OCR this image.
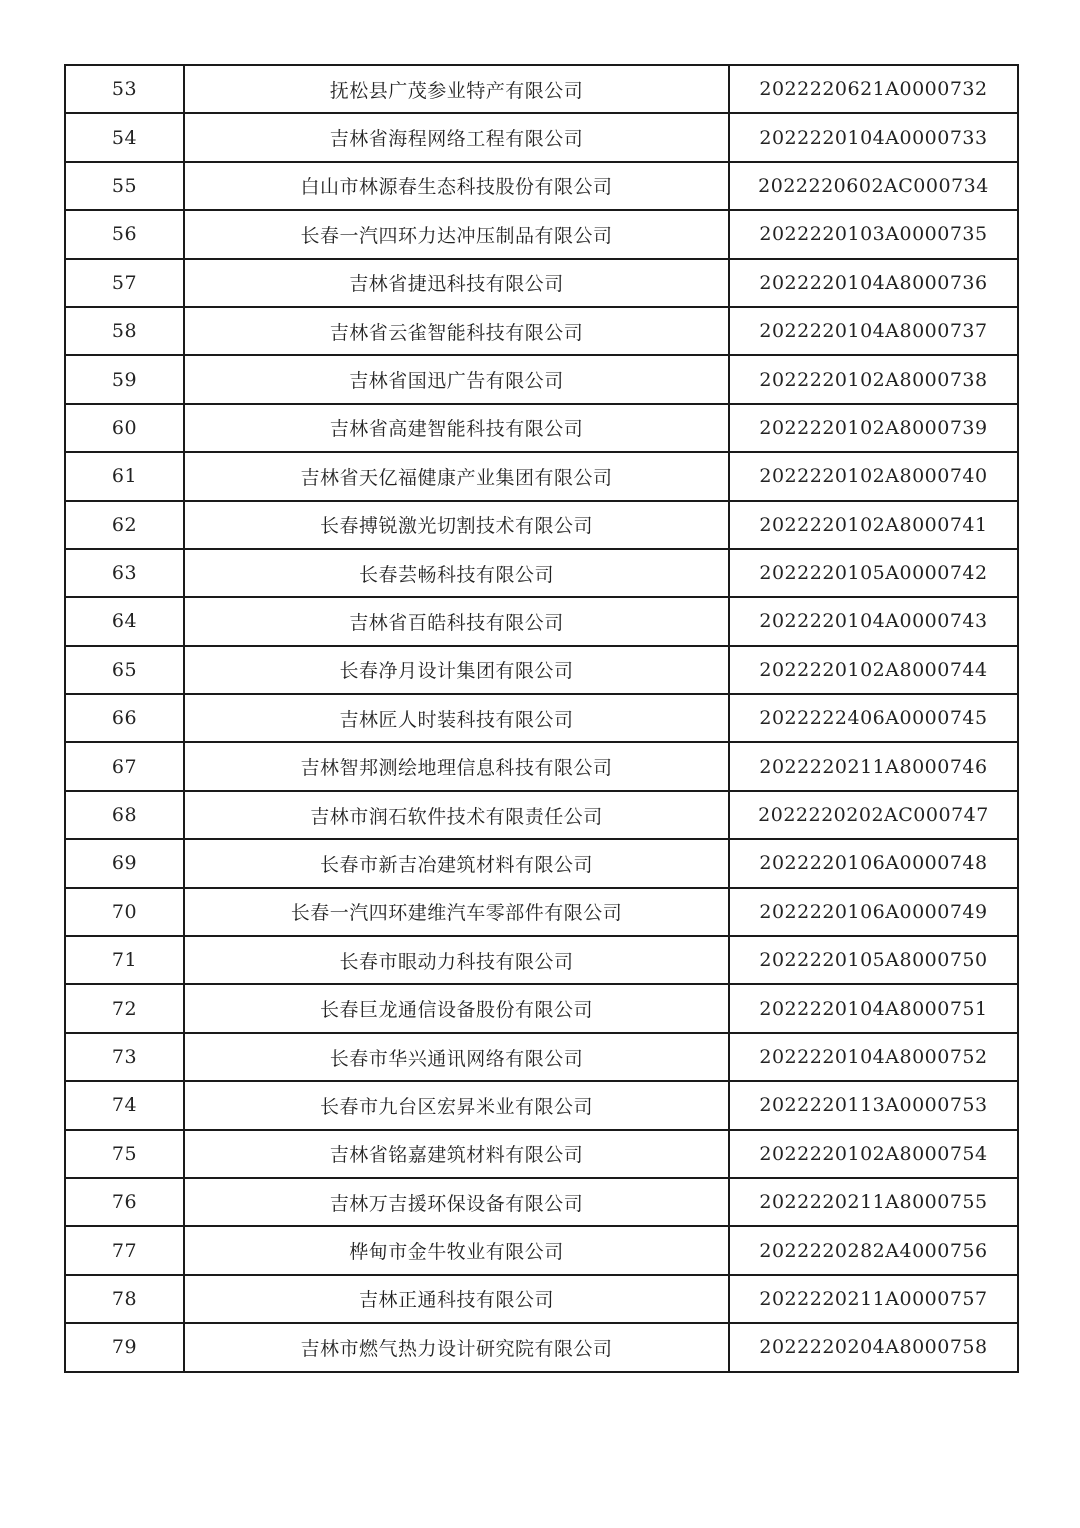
53	抚松县广茂参业特产有限公司	2022220621A0000732
54	吉林省海程网络工程有限公司	2022220104A0000733
55	白山市林源春生态科技股份有限公司	2022220602AC000734
56	长春一汽四环力达冲压制品有限公司	2022220103A0000735
57	吉林省捷迅科技有限公司	2022220104A8000736
58	吉林省云雀智能科技有限公司	2022220104A8000737
59	吉林省国迅广告有限公司	2022220102A8000738
60	吉林省高建智能科技有限公司	2022220102A8000739
61	吉林省天亿福健康产业集团有限公司	2022220102A8000740
62	长春搏锐激光切割技术有限公司	2022220102A8000741
63	长春芸畅科技有限公司	2022220105A0000742
64	吉林省百皓科技有限公司	2022220104A0000743
65	长春净月设计集团有限公司	2022220102A8000744
66	吉林匠人时装科技有限公司	2022222406A0000745
67	吉林智邦测绘地理信息科技有限公司	2022220211A8000746
68	吉林市润石软件技术有限责任公司	2022220202AC000747
69	长春市新吉冶建筑材料有限公司	2022220106A0000748
70	长春一汽四环建维汽车零部件有限公司	2022220106A0000749
71	长春市眼动力科技有限公司	2022220105A8000750
72	长春巨龙通信设备股份有限公司	2022220104A8000751
73	长春市华兴通讯网络有限公司	2022220104A8000752
74	长春市九台区宏昇米业有限公司	2022220113A0000753
75	吉林省铭嘉建筑材料有限公司	2022220102A8000754
76	吉林万吉援环保设备有限公司	2022220211A8000755
77	桦甸市金牛牧业有限公司	2022220282A4000756
78	吉林正通科技有限公司	2022220211A0000757
79	吉林市燃气热力设计研究院有限公司	2022220204A8000758
